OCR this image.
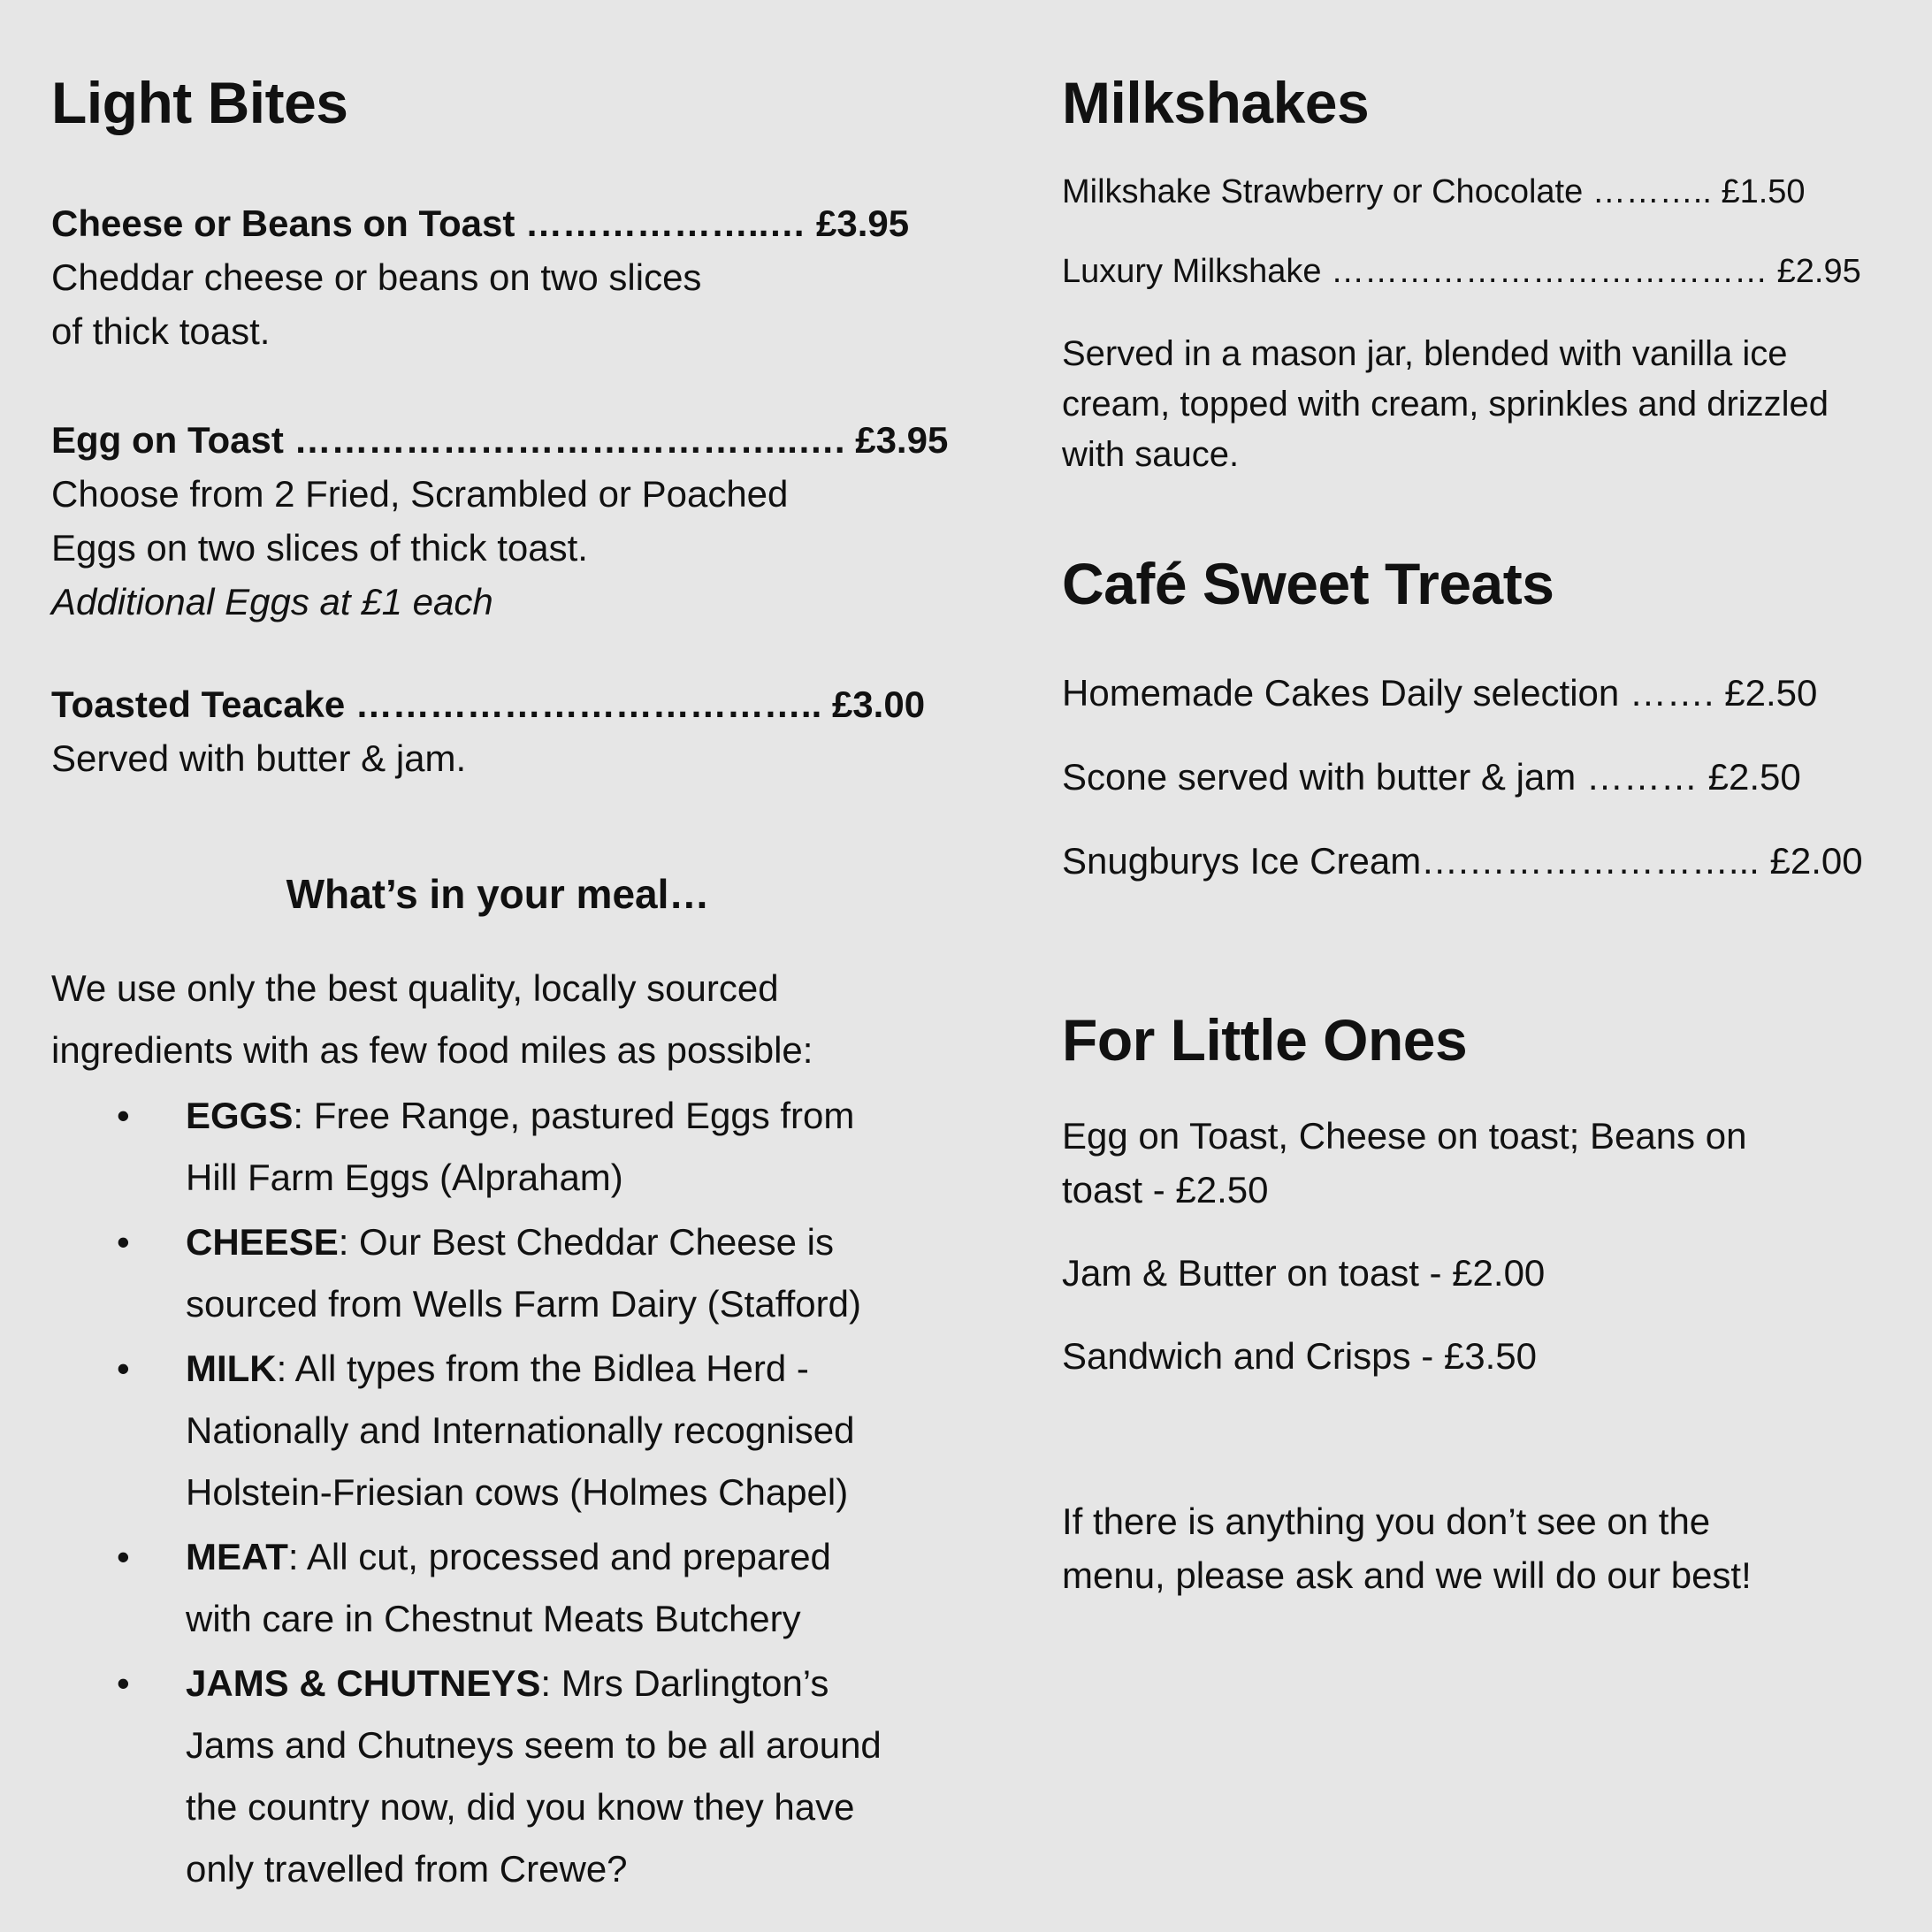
Light Bites
Cheese or Beans on Toast ………………..… £3.95
Cheddar cheese or beans on two slices
of thick toast.
Egg on Toast …………………………………..…. £3.95
Choose from 2 Fried, Scrambled or Poached
Eggs on two slices of thick toast.
Additional Eggs at £1 each
Toasted Teacake ……………………………….. £3.00
Served with butter & jam.
What’s in your meal…
We use only the best quality, locally sourced
ingredients with as few food miles as possible:
• EGGS: Free Range, pastured Eggs from
Hill Farm Eggs (Alpraham)
• CHEESE: Our Best Cheddar Cheese is
sourced from Wells Farm Dairy (Stafford)
• MILK: All types from the Bidlea Herd -
Nationally and Internationally recognised
Holstein-Friesian cows (Holmes Chapel)
• MEAT: All cut, processed and prepared
with care in Chestnut Meats Butchery
• JAMS & CHUTNEYS: Mrs Darlington’s
Jams and Chutneys seem to be all around
the country now, did you know they have
only travelled from Crewe?
Milkshakes
Milkshake Strawberry or Chocolate ……….. £1.50
Luxury Milkshake ………………………………… £2.95
Served in a mason jar, blended with vanilla ice
cream, topped with cream, sprinkles and drizzled
with sauce.
Café Sweet Treats
Homemade Cakes Daily selection ……. £2.50
Scone served with butter & jam ……… £2.50
Snugburys Ice Cream….…………………... £2.00
For Little Ones
Egg on Toast, Cheese on toast; Beans on
toast - £2.50
Jam & Butter on toast - £2.00
Sandwich and Crisps - £3.50
If there is anything you don’t see on the
menu, please ask and we will do our best!
